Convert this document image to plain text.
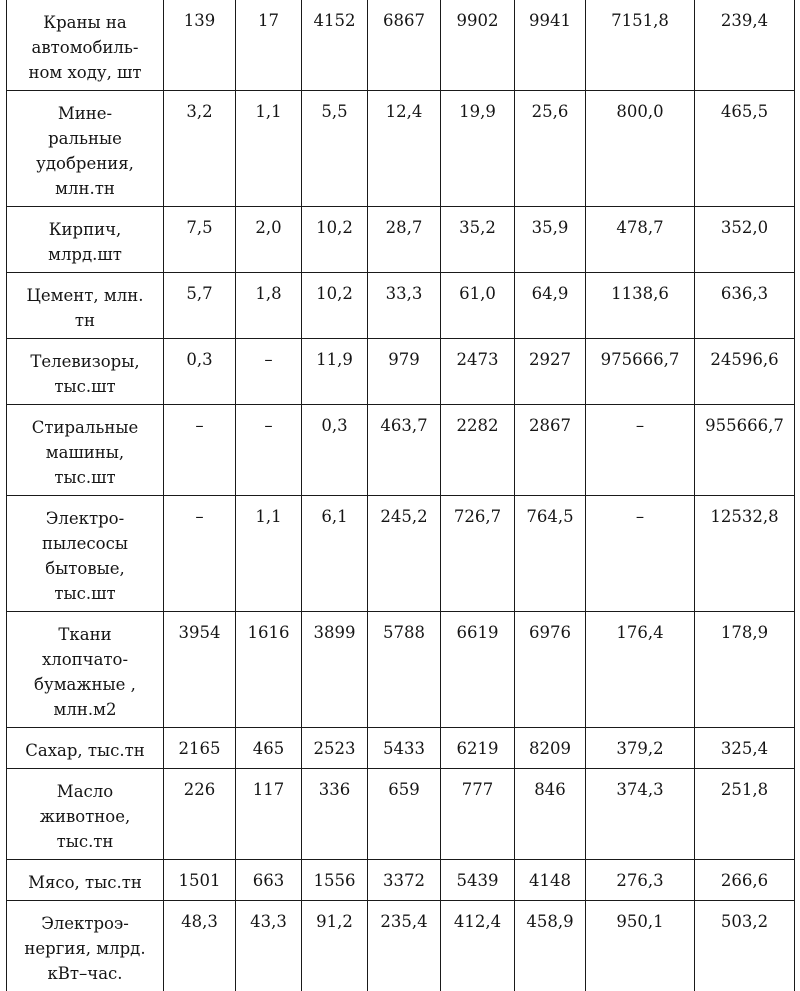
Краны на
автомобиль-
ном ходу, шт	139	17	4152	6867	9902	9941	7151,8	239,4

Мине-
ральные
удобрения,
млн.тн	3,2	1,1	5,5	12,4	19,9	25,6	800,0	465,5

Кирпич,
млрд.шт	7,5	2,0	10,2	28,7	35,2	35,9	478,7	352,0

Цемент, млн.
тн	5,7	1,8	10,2	33,3	61,0	64,9	1138,6	636,3

Телевизоры,
тыс.шт	0,3	–	11,9	979	2473	2927	975666,7	24596,6

Стиральные
машины,
тыс.шт	–	–	0,3	463,7	2282	2867	–	955666,7

Электро-
пылесосы
бытовые,
тыс.шт	–	1,1	6,1	245,2	726,7	764,5	–	12532,8

Ткани
хлопчато-
бумажные ,
млн.м2	3954	1616	3899	5788	6619	6976	176,4	178,9

Сахар, тыс.тн	2165	465	2523	5433	6219	8209	379,2	325,4

Масло
животное,
тыс.тн	226	117	336	659	777	846	374,3	251,8

Мясо, тыс.тн	1501	663	1556	3372	5439	4148	276,3	266,6

Электроэ-
нергия, млрд.
кВт–час.	48,3	43,3	91,2	235,4	412,4	458,9	950,1	503,2
